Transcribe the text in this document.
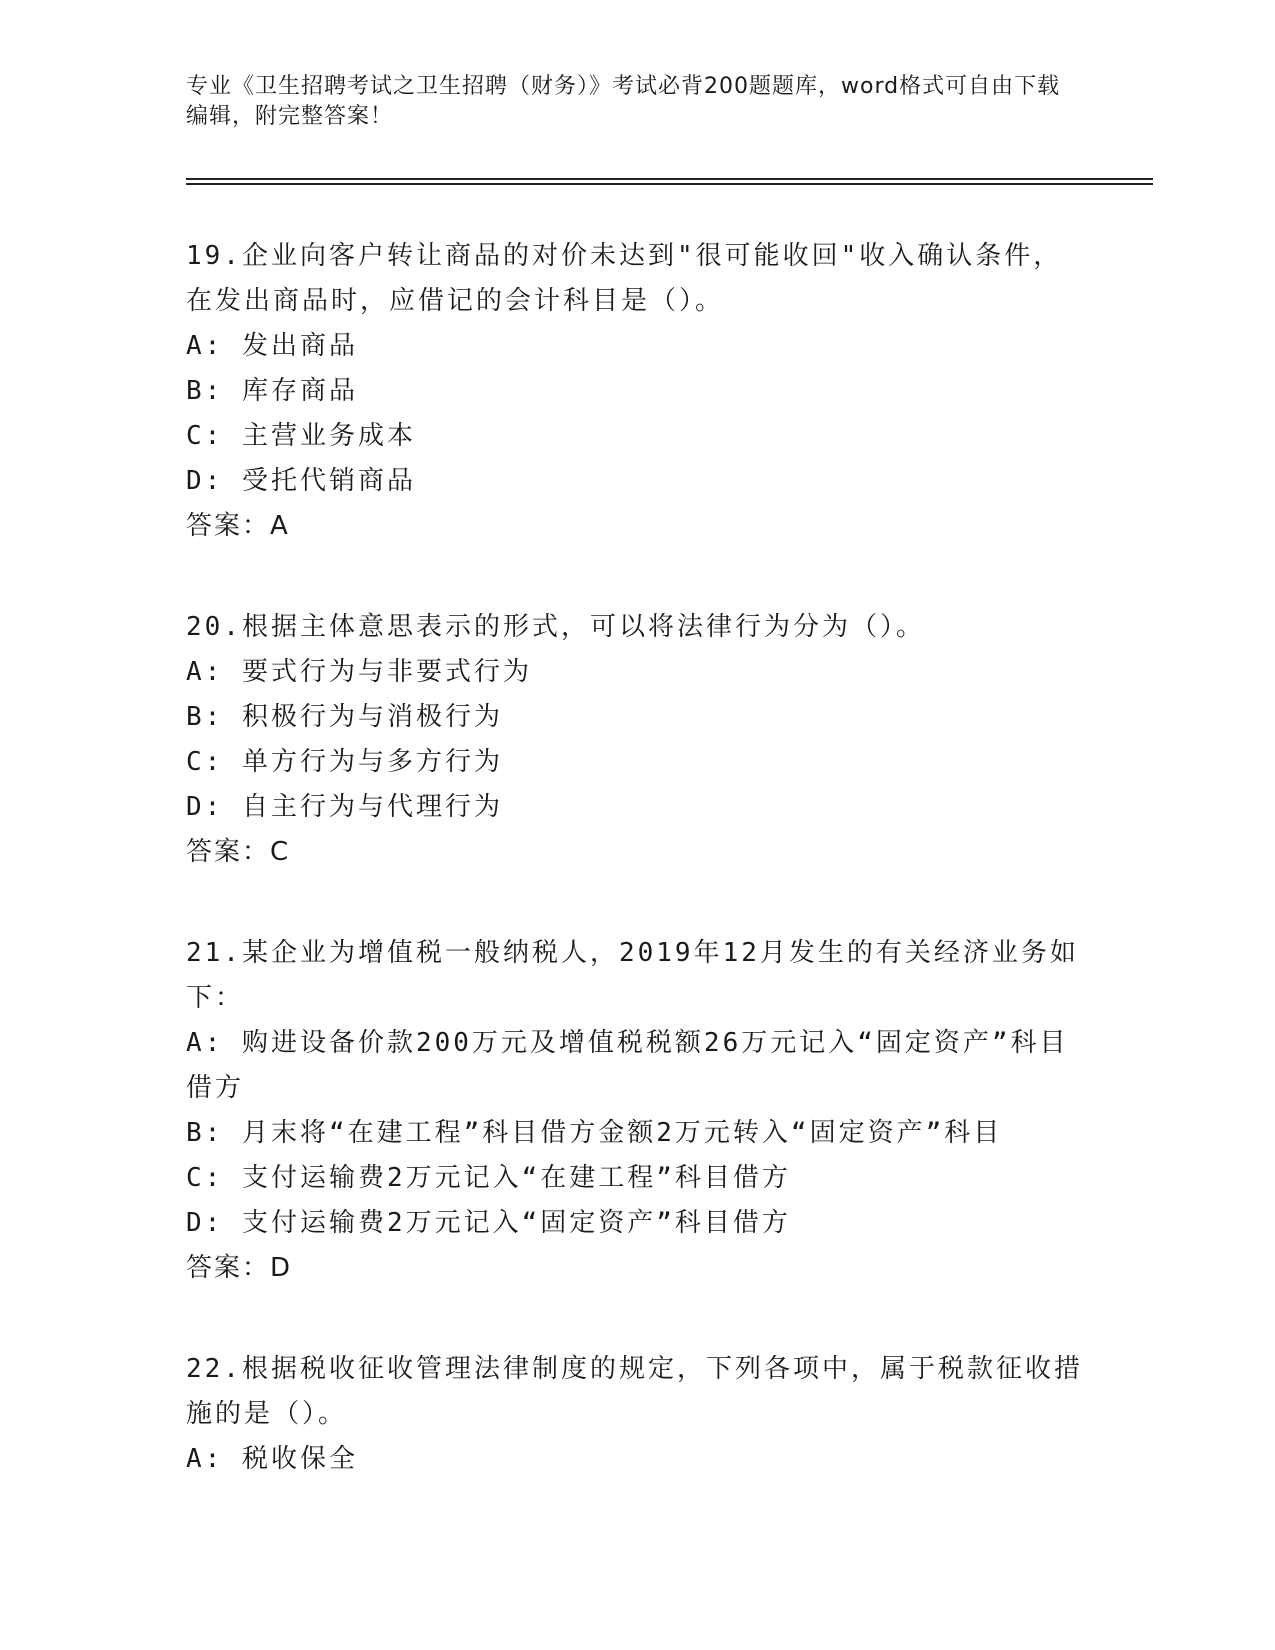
专业《卫生招聘考试之卫生招聘（财务）》考试必背200题题库，word格式可自由下载编辑，附完整答案！

19.企业向客户转让商品的对价未达到"很可能收回"收入确认条件，在发出商品时，应借记的会计科目是（）。

A: 发出商品

B: 库存商品

C: 主营业务成本

D: 受托代销商品

答案：A

20.根据主体意思表示的形式，可以将法律行为分为（）。

A: 要式行为与非要式行为

B: 积极行为与消极行为

C: 单方行为与多方行为

D: 自主行为与代理行为

答案：C

21.某企业为增值税一般纳税人，2019年12月发生的有关经济业务如下：

A: 购进设备价款200万元及增值税税额26万元记入“固定资产”科目借方

B: 月末将“在建工程”科目借方金额2万元转入“固定资产”科目

C: 支付运输费2万元记入“在建工程”科目借方

D: 支付运输费2万元记入“固定资产”科目借方

答案：D

22.根据税收征收管理法律制度的规定，下列各项中，属于税款征收措施的是（）。

A: 税收保全
